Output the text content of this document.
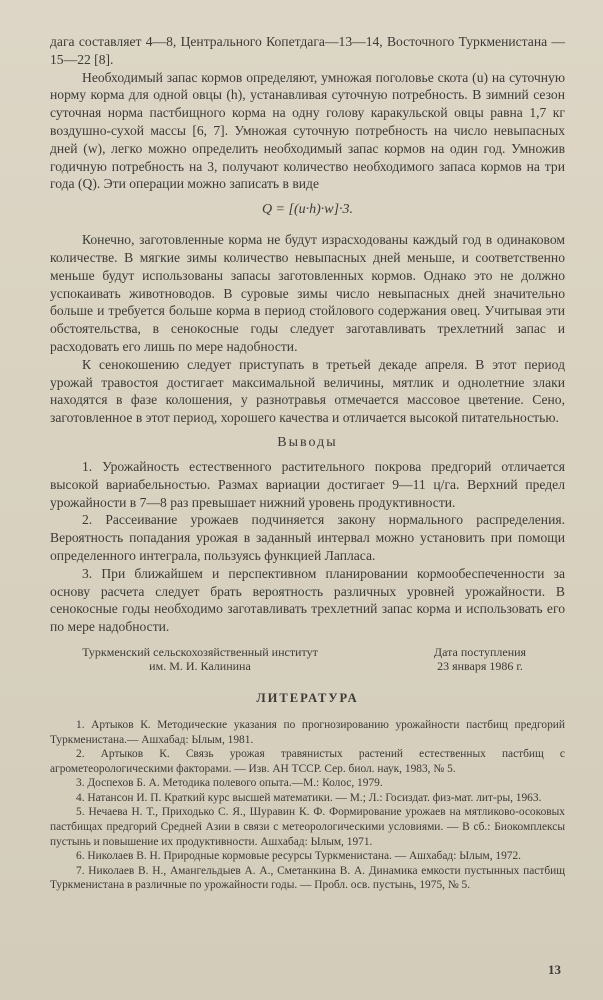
дага составляет 4—8, Центрального Копетдага—13—14, Восточного Туркменистана — 15—22 [8].

Необходимый запас кормов определяют, умножая поголовье скота (u) на суточную норму корма для одной овцы (h), устанавливая суточную потребность. В зимний сезон суточная норма пастбищного корма на одну голову каракульской овцы равна 1,7 кг воздушно-сухой массы [6, 7]. Умножая суточную потребность на число невыпасных дней (w), легко можно определить необходимый запас кормов на один год. Умножив годичную потребность на 3, получают количество необходимого запаса кормов на три года (Q). Эти операции можно записать в виде

Q = [(u·h)·w]·3.

Конечно, заготовленные корма не будут израсходованы каждый год в одинаковом количестве. В мягкие зимы количество невыпасных дней меньше, и соответственно меньше будут использованы запасы заготовленных кормов. Однако это не должно успокаивать животноводов. В суровые зимы число невыпасных дней значительно больше и требуется больше корма в период стойлового содержания овец. Учитывая эти обстоятельства, в сенокосные годы следует заготавливать трехлетний запас и расходовать его лишь по мере надобности.

К сенокошению следует приступать в третьей декаде апреля. В этот период урожай травостоя достигает максимальной величины, мятлик и однолетние злаки находятся в фазе колошения, у разнотравья отмечается массовое цветение. Сено, заготовленное в этот период, хорошего качества и отличается высокой питательностью.

Выводы

1. Урожайность естественного растительного покрова предгорий отличается высокой вариабельностью. Размах вариации достигает 9—11 ц/га. Верхний предел урожайности в 7—8 раз превышает нижний уровень продуктивности.

2. Рассеивание урожаев подчиняется закону нормального распределения. Вероятность попадания урожая в заданный интервал можно установить при помощи определенного интеграла, пользуясь функцией Лапласа.

3. При ближайшем и перспективном планировании кормообеспеченности за основу расчета следует брать вероятность различных уровней урожайности. В сенокосные годы необходимо заготавливать трехлетний запас корма и использовать его по мере надобности.

Туркменский сельскохозяйственный институт
им. М. И. Калинина
Дата поступления
23 января 1986 г.

ЛИТЕРАТУРА

1. Артыков К. Методические указания по прогнозированию урожайности пастбищ предгорий Туркменистана.— Ашхабад: Ылым, 1981.

2. Артыков К. Связь урожая травянистых растений естественных пастбищ с агрометеорологическими факторами. — Изв. АН ТССР. Сер. биол. наук, 1983, № 5.

3. Доспехов Б. А. Методика полевого опыта.—М.: Колос, 1979.

4. Натансон И. П. Краткий курс высшей математики. — М.; Л.: Госиздат. физ-мат. лит-ры, 1963.

5. Нечаева Н. Т., Приходько С. Я., Шуравин К. Ф. Формирование урожаев на мятликово-осоковых пастбищах предгорий Средней Азии в связи с метеорологическими условиями. — В сб.: Биокомплексы пустынь и повышение их продуктивности. Ашхабад: Ылым, 1971.

6. Николаев В. Н. Природные кормовые ресурсы Туркменистана. — Ашхабад: Ылым, 1972.

7. Николаев В. Н., Амангельдыев А. А., Сметанкина В. А. Динамика емкости пустынных пастбищ Туркменистана в различные по урожайности годы. — Пробл. осв. пустынь, 1975, № 5.

13
